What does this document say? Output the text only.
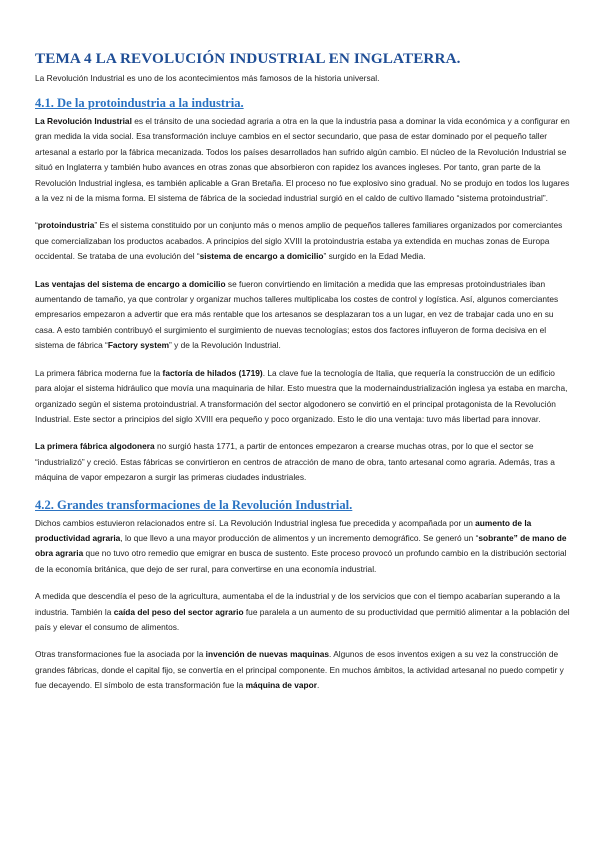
TEMA 4 LA REVOLUCIÓN INDUSTRIAL EN INGLATERRA.

La Revolución Industrial es uno de los acontecimientos más famosos de la historia universal.

4.1. De la protoindustria a la industria.

La Revolución Industrial es el tránsito de una sociedad agraria a otra en la que la industria pasa a dominar la vida económica y a configurar en gran medida la vida social. Esa transformación incluye cambios en el sector secundario, que pasa de estar dominado por el pequeño taller artesanal a estarlo por la fábrica mecanizada. Todos los países desarrollados han sufrido algún cambio. El núcleo de la Revolución Industrial se situó en Inglaterra y también hubo avances en otras zonas que absorbieron con rapidez los avances ingleses. Por tanto, gran parte de la Revolución Industrial inglesa, es también aplicable a Gran Bretaña. El proceso no fue explosivo sino gradual. No se produjo en todos los lugares a la vez ni de la misma forma. El sistema de fábrica de la sociedad industrial surgió en el caldo de cultivo llamado “sistema protoindustrial”.

“protoindustria” Es el sistema constituido por un conjunto más o menos amplio de pequeños talleres familiares organizados por comerciantes que comercializaban los productos acabados. A principios del siglo XVIII la protoindustria estaba ya extendida en muchas zonas de Europa occidental. Se trataba de una evolución del “sistema de encargo a domicilio” surgido en la Edad Media.

Las ventajas del sistema de encargo a domicilio se fueron convirtiendo en limitación a medida que las empresas protoindustriales iban aumentando de tamaño, ya que controlar y organizar muchos talleres multiplicaba los costes de control y logística. Así, algunos comerciantes empresarios empezaron a advertir que era más rentable que los artesanos se desplazaran tos a un lugar, en vez de trabajar cada uno en su casa. A esto también contribuyó el surgimiento el surgimiento de nuevas tecnologías; estos dos factores influyeron de forma decisiva en el sistema de fábrica “Factory system” y de la Revolución Industrial.

La primera fábrica moderna fue la factoría de hilados (1719). La clave fue la tecnología de Italia, que requería la construcción de un edificio para alojar el sistema hidráulico que movía una maquinaria de hilar. Esto muestra que la modernaindustrialización inglesa ya estaba en marcha, organizado según el sistema protoindustrial. A transformación del sector algodonero se convirtió en el principal protagonista de la Revolución Industrial. Este sector a principios del siglo XVIII era pequeño y poco organizado. Esto le dio una ventaja: tuvo más libertad para innovar.

La primera fábrica algodonera no surgió hasta 1771, a partir de entonces empezaron a crearse muchas otras, por lo que el sector se “industrializó” y creció. Estas fábricas se convirtieron en centros de atracción de mano de obra, tanto artesanal como agraria. Además, tras a máquina de vapor empezaron a surgir las primeras ciudades industriales.

4.2. Grandes transformaciones de la Revolución Industrial.

Dichos cambios estuvieron relacionados entre sí. La Revolución Industrial inglesa fue precedida y acompañada por un aumento de la productividad agraria, lo que llevo a una mayor producción de alimentos y un incremento demográfico. Se generó un “sobrante” de mano de obra agraria que no tuvo otro remedio que emigrar en busca de sustento. Este proceso provocó un profundo cambio en la distribución sectorial de la economía británica, que dejo de ser rural, para convertirse en una economía industrial.

A medida que descendía el peso de la agricultura, aumentaba el de la industrial y de los servicios que con el tiempo acabarían superando a la industria. También la caída del peso del sector agrario fue paralela a un aumento de su productividad que permitió alimentar a la población del país y elevar el consumo de alimentos.

Otras transformaciones fue la asociada por la invención de nuevas maquinas. Algunos de esos inventos exigen a su vez la construcción de grandes fábricas, donde el capital fijo, se convertía en el principal componente. En muchos ámbitos, la actividad artesanal no puedo competir y fue decayendo. El símbolo de esta transformación fue la máquina de vapor.
